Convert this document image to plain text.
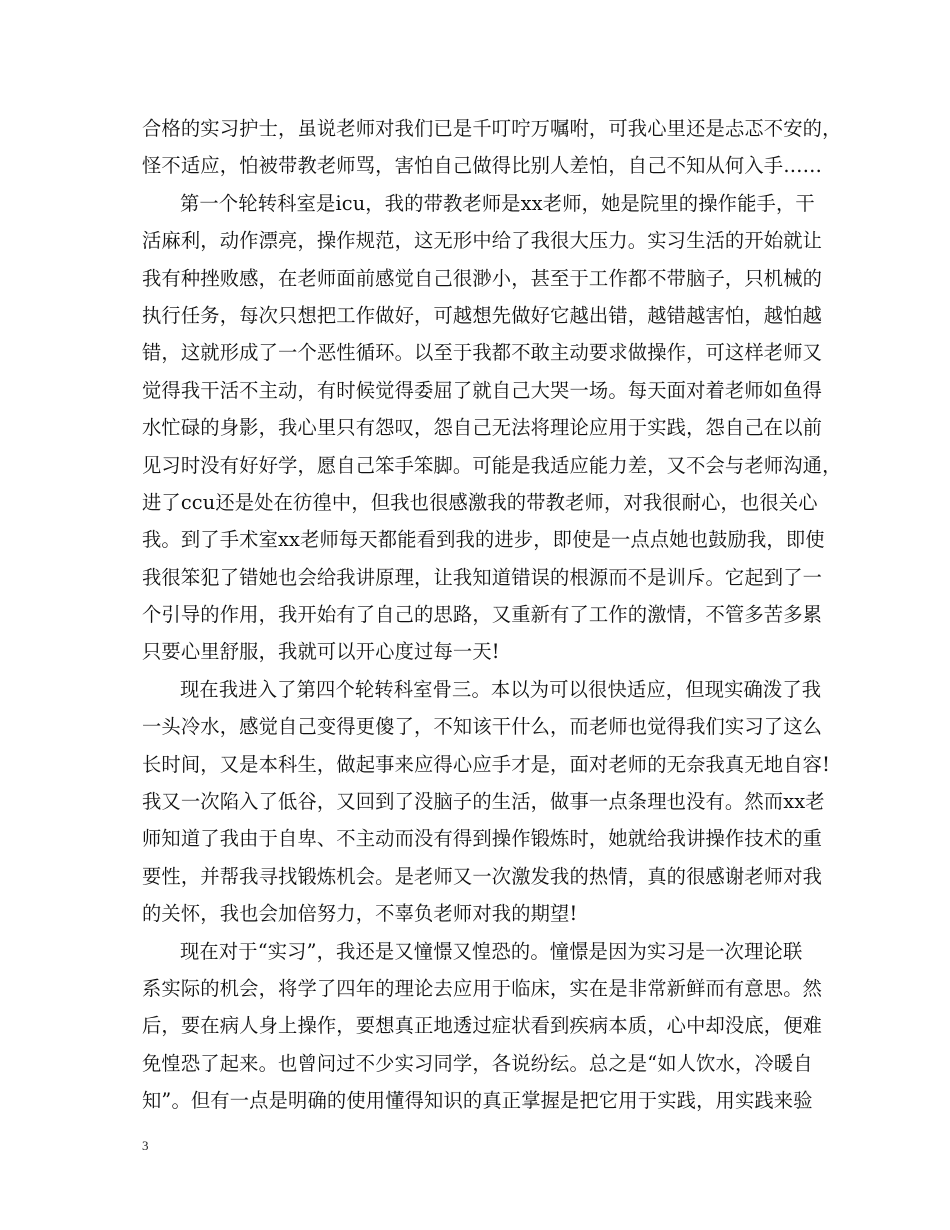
合格的实习护士，虽说老师对我们已是千叮咛万嘱咐，可我心里还是忐忑不安的，
怪不适应，怕被带教老师骂，害怕自己做得比别人差怕，自己不知从何入手……
第一个轮转科室是icu，我的带教老师是xx老师，她是院里的操作能手，干
活麻利，动作漂亮，操作规范，这无形中给了我很大压力。实习生活的开始就让
我有种挫败感，在老师面前感觉自己很渺小，甚至于工作都不带脑子，只机械的
执行任务，每次只想把工作做好，可越想先做好它越出错，越错越害怕，越怕越
错，这就形成了一个恶性循环。以至于我都不敢主动要求做操作，可这样老师又
觉得我干活不主动，有时候觉得委屈了就自己大哭一场。每天面对着老师如鱼得
水忙碌的身影，我心里只有怨叹，怨自己无法将理论应用于实践，怨自己在以前
见习时没有好好学，愿自己笨手笨脚。可能是我适应能力差，又不会与老师沟通，
进了ccu还是处在彷徨中，但我也很感激我的带教老师，对我很耐心，也很关心
我。到了手术室xx老师每天都能看到我的进步，即使是一点点她也鼓励我，即使
我很笨犯了错她也会给我讲原理，让我知道错误的根源而不是训斥。它起到了一
个引导的作用，我开始有了自己的思路，又重新有了工作的激情，不管多苦多累
只要心里舒服，我就可以开心度过每一天!
现在我进入了第四个轮转科室骨三。本以为可以很快适应，但现实确泼了我
一头冷水，感觉自己变得更傻了，不知该干什么，而老师也觉得我们实习了这么
长时间，又是本科生，做起事来应得心应手才是，面对老师的无奈我真无地自容!
我又一次陷入了低谷，又回到了没脑子的生活，做事一点条理也没有。然而xx老
师知道了我由于自卑、不主动而没有得到操作锻炼时，她就给我讲操作技术的重
要性，并帮我寻找锻炼机会。是老师又一次激发我的热情，真的很感谢老师对我
的关怀，我也会加倍努力，不辜负老师对我的期望!
现在对于“实习”，我还是又憧憬又惶恐的。憧憬是因为实习是一次理论联
系实际的机会，将学了四年的理论去应用于临床，实在是非常新鲜而有意思。然
后，要在病人身上操作，要想真正地透过症状看到疾病本质，心中却没底，便难
免惶恐了起来。也曾问过不少实习同学，各说纷纭。总之是“如人饮水，冷暖自
知”。但有一点是明确的使用懂得知识的真正掌握是把它用于实践，用实践来验
3
